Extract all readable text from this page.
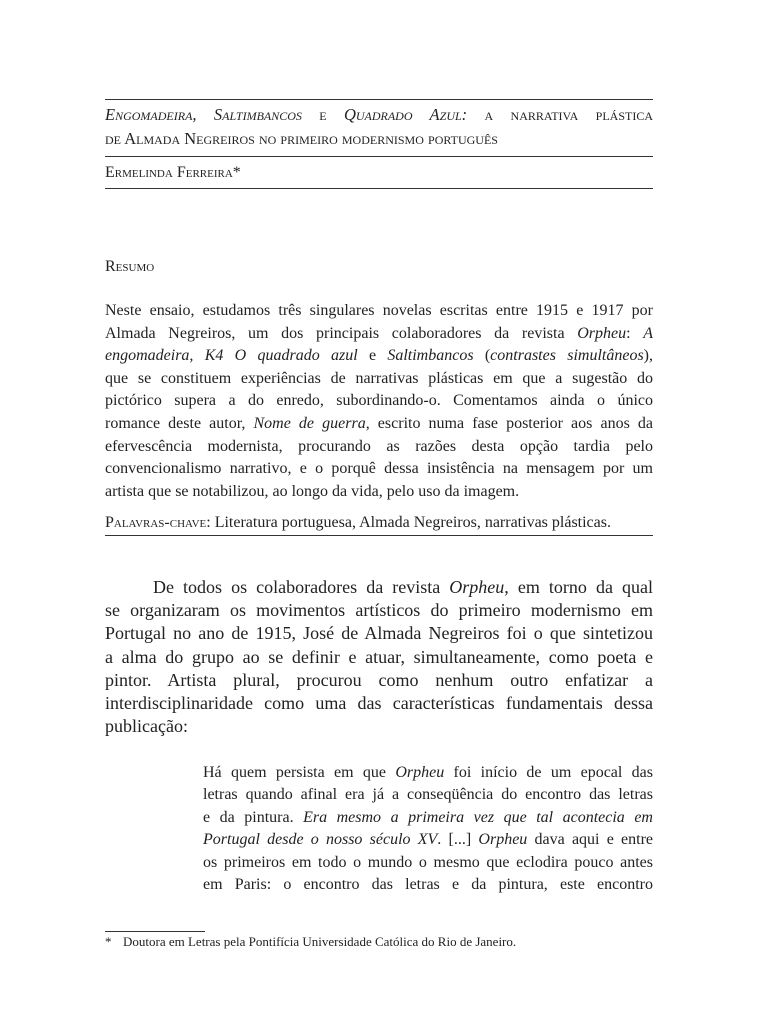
Engomadeira, Saltimbancos e Quadrado Azul: a narrativa plástica
de Almada Negreiros no primeiro modernismo português
Ermelinda Ferreira*
Resumo
Neste ensaio, estudamos três singulares novelas escritas entre 1915 e 1917 por
Almada Negreiros, um dos principais colaboradores da revista Orpheu: A
engomadeira, K4 O quadrado azul e Saltimbancos (contrastes simultâneos),
que se constituem experiências de narrativas plásticas em que a sugestão do
pictórico supera a do enredo, subordinando-o. Comentamos ainda o único
romance deste autor, Nome de guerra, escrito numa fase posterior aos anos da
efervescência modernista, procurando as razões desta opção tardia pelo
convencionalismo narrativo, e o porquê dessa insistência na mensagem por um
artista que se notabilizou, ao longo da vida, pelo uso da imagem.
Palavras-chave: Literatura portuguesa, Almada Negreiros, narrativas plásticas.
De todos os colaboradores da revista Orpheu, em torno da qual
se organizaram os movimentos artísticos do primeiro modernismo em
Portugal no ano de 1915, José de Almada Negreiros foi o que sintetizou
a alma do grupo ao se definir e atuar, simultaneamente, como poeta e
pintor. Artista plural, procurou como nenhum outro enfatizar a
interdisciplinaridade como uma das características fundamentais dessa
publicação:
Há quem persista em que Orpheu foi início de um epocal das
letras quando afinal era já a conseqüência do encontro das letras
e da pintura. Era mesmo a primeira vez que tal acontecia em
Portugal desde o nosso século XV. [...] Orpheu dava aqui e entre
os primeiros em todo o mundo o mesmo que eclodira pouco antes
em Paris: o encontro das letras e da pintura, este encontro
* Doutora em Letras pela Pontifícia Universidade Católica do Rio de Janeiro.
